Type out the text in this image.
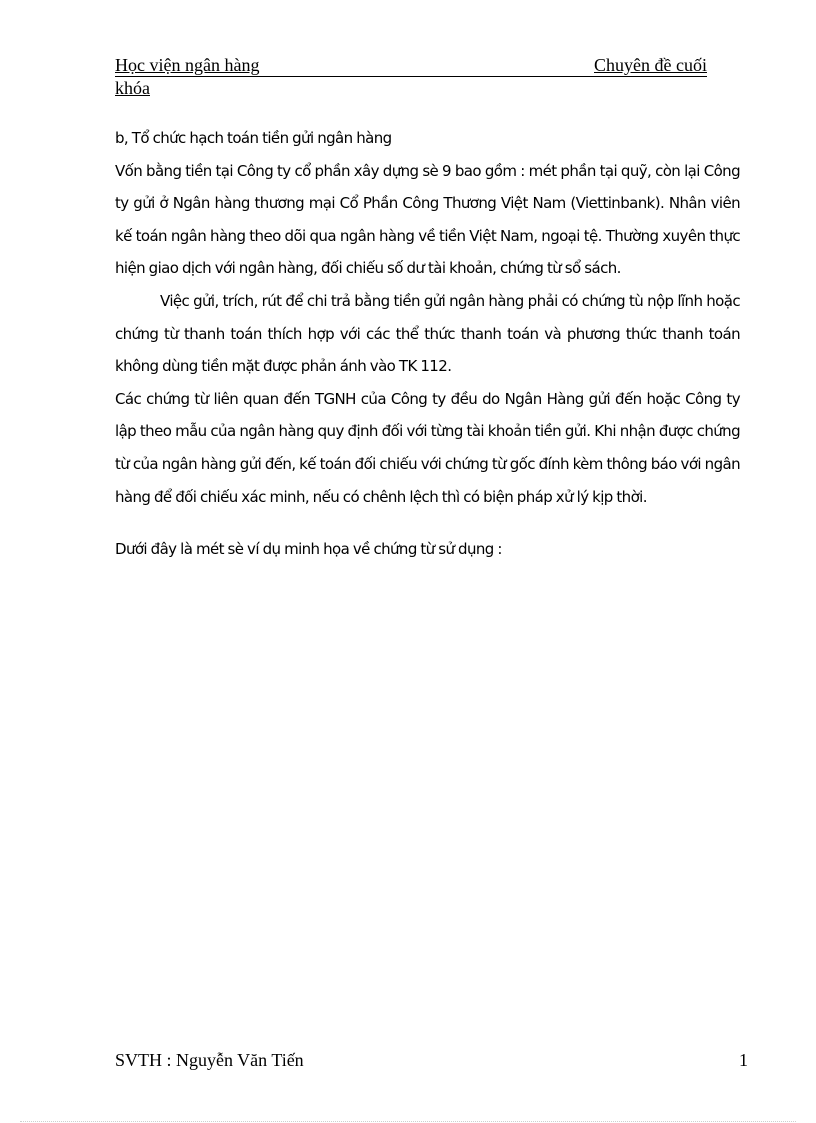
Học viện ngân hàng	Chuyên đề cuối
khóa

b, Tổ chức hạch toán tiền gửi ngân hàng

Vốn bằng tiền tại Công ty cổ phần xây dựng sè 9 bao gồm : mét phần tại quỹ, còn lại Công ty gửi ở Ngân hàng thương mại Cổ Phần Công Thương Việt Nam (Viettinbank). Nhân viên kế toán ngân hàng theo dõi qua ngân hàng về tiền Việt Nam, ngoại tệ. Thường xuyên thực hiện giao dịch với ngân hàng, đối chiếu số dư tài khoản, chứng từ sổ sách.

Việc gửi, trích, rút để chi trả bằng tiền gửi ngân hàng phải có chứng tù nộp lĩnh hoặc chứng từ thanh toán thích hợp với các thể thức thanh toán và phương thức thanh toán không dùng tiền mặt được phản ánh vào TK 112.

Các chứng từ liên quan đến TGNH của Công ty đều do Ngân Hàng gửi đến hoặc Công ty lập theo mẫu của ngân hàng quy định đối với từng tài khoản tiền gửi. Khi nhận được chứng từ của ngân hàng gửi đến, kế toán đối chiếu với chứng từ gốc đính kèm thông báo với ngân hàng để đối chiếu xác minh, nếu có chênh lệch thì có biện pháp xử lý kịp thời.

Dưới đây là mét sè ví dụ minh họa về chứng từ sử dụng :

SVTH : Nguyễn Văn Tiến	1
